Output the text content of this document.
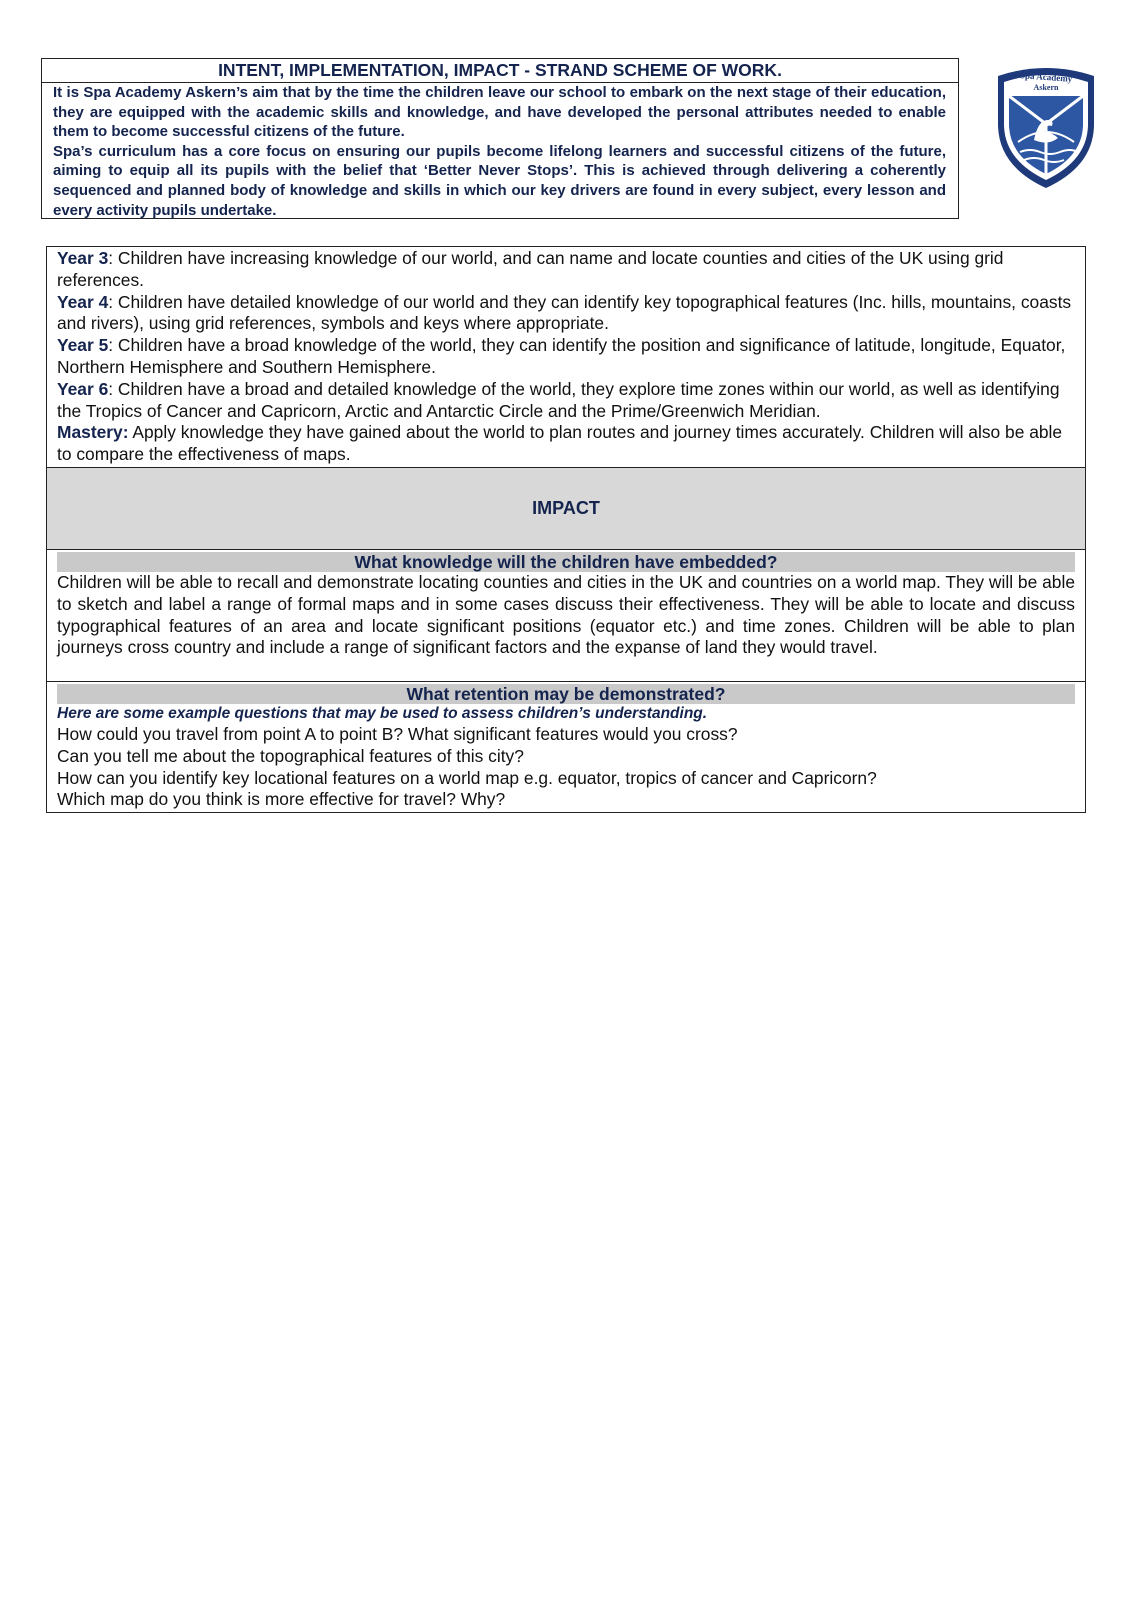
INTENT, IMPLEMENTATION, IMPACT - STRAND SCHEME OF WORK.

It is Spa Academy Askern’s aim that by the time the children leave our school to embark on the next stage of their education, they are equipped with the academic skills and knowledge, and have developed the personal attributes needed to enable them to become successful citizens of the future.

Spa’s curriculum has a core focus on ensuring our pupils become lifelong learners and successful citizens of the future, aiming to equip all its pupils with the belief that ‘Better Never Stops’. This is achieved through delivering a coherently sequenced and planned body of knowledge and skills in which our key drivers are found in every subject, every lesson and every activity pupils undertake.

Spa Academy
Askern

Year 3: Children have increasing knowledge of our world, and can name and locate counties and cities of the UK using grid references.

Year 4: Children have detailed knowledge of our world and they can identify key topographical features (Inc. hills, mountains, coasts and rivers), using grid references, symbols and keys where appropriate.

Year 5: Children have a broad knowledge of the world, they can identify the position and significance of latitude, longitude, Equator, Northern Hemisphere and Southern Hemisphere.

Year 6: Children have a broad and detailed knowledge of the world, they explore time zones within our world, as well as identifying the Tropics of Cancer and Capricorn, Arctic and Antarctic Circle and the Prime/Greenwich Meridian.

Mastery: Apply knowledge they have gained about the world to plan routes and journey times accurately. Children will also be able to compare the effectiveness of maps.

IMPACT
What knowledge will the children have embedded?

Children will be able to recall and demonstrate locating counties and cities in the UK and countries on a world map. They will be able to sketch and label a range of formal maps and in some cases discuss their effectiveness. They will be able to locate and discuss typographical features of an area and locate significant positions (equator etc.) and time zones. Children will be able to plan journeys cross country and include a range of significant factors and the expanse of land they would travel.

What retention may be demonstrated?

Here are some example questions that may be used to assess children’s understanding.

How could you travel from point A to point B? What significant features would you cross?

Can you tell me about the topographical features of this city?

How can you identify key locational features on a world map e.g. equator, tropics of cancer and Capricorn?

Which map do you think is more effective for travel? Why?
